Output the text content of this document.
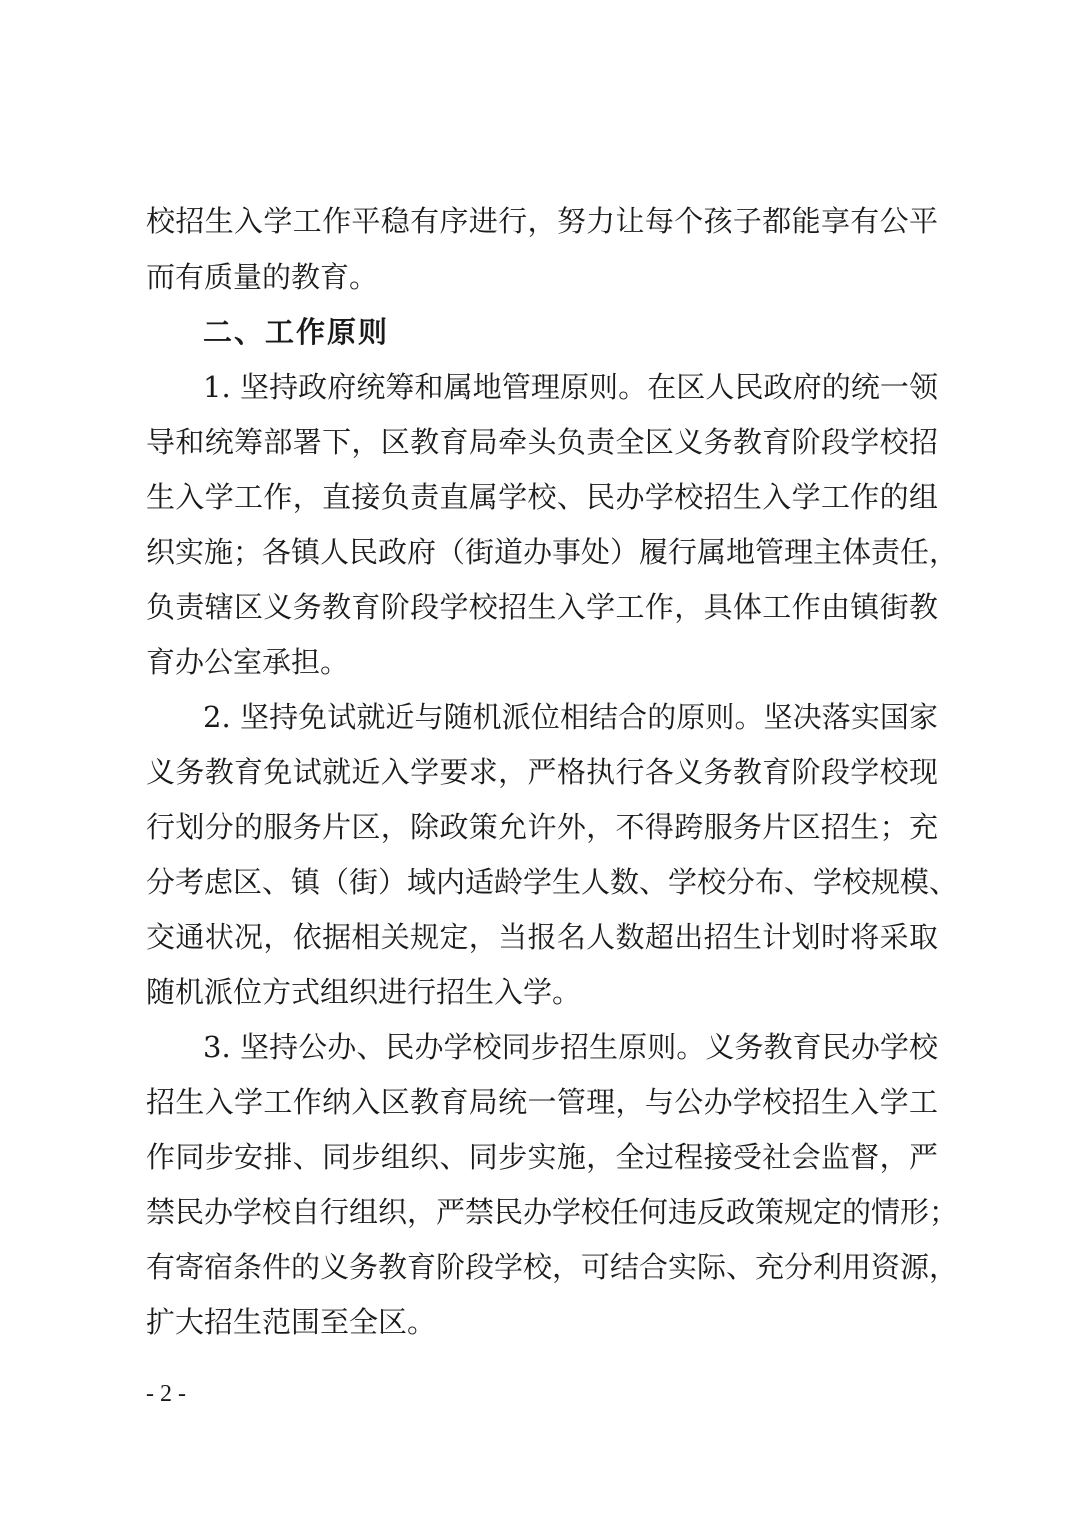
校招生入学工作平稳有序进行，努力让每个孩子都能享有公平
而有质量的教育。
二、工作原则
1. 坚持政府统筹和属地管理原则。在区人民政府的统一领
导和统筹部署下，区教育局牵头负责全区义务教育阶段学校招
生入学工作，直接负责直属学校、民办学校招生入学工作的组
织实施；各镇人民政府（街道办事处）履行属地管理主体责任，
负责辖区义务教育阶段学校招生入学工作，具体工作由镇街教
育办公室承担。
2. 坚持免试就近与随机派位相结合的原则。坚决落实国家
义务教育免试就近入学要求，严格执行各义务教育阶段学校现
行划分的服务片区，除政策允许外，不得跨服务片区招生；充
分考虑区、镇（街）域内适龄学生人数、学校分布、学校规模、
交通状况，依据相关规定，当报名人数超出招生计划时将采取
随机派位方式组织进行招生入学。
3. 坚持公办、民办学校同步招生原则。义务教育民办学校
招生入学工作纳入区教育局统一管理，与公办学校招生入学工
作同步安排、同步组织、同步实施，全过程接受社会监督，严
禁民办学校自行组织，严禁民办学校任何违反政策规定的情形；
有寄宿条件的义务教育阶段学校，可结合实际、充分利用资源，
扩大招生范围至全区。
- 2 -
